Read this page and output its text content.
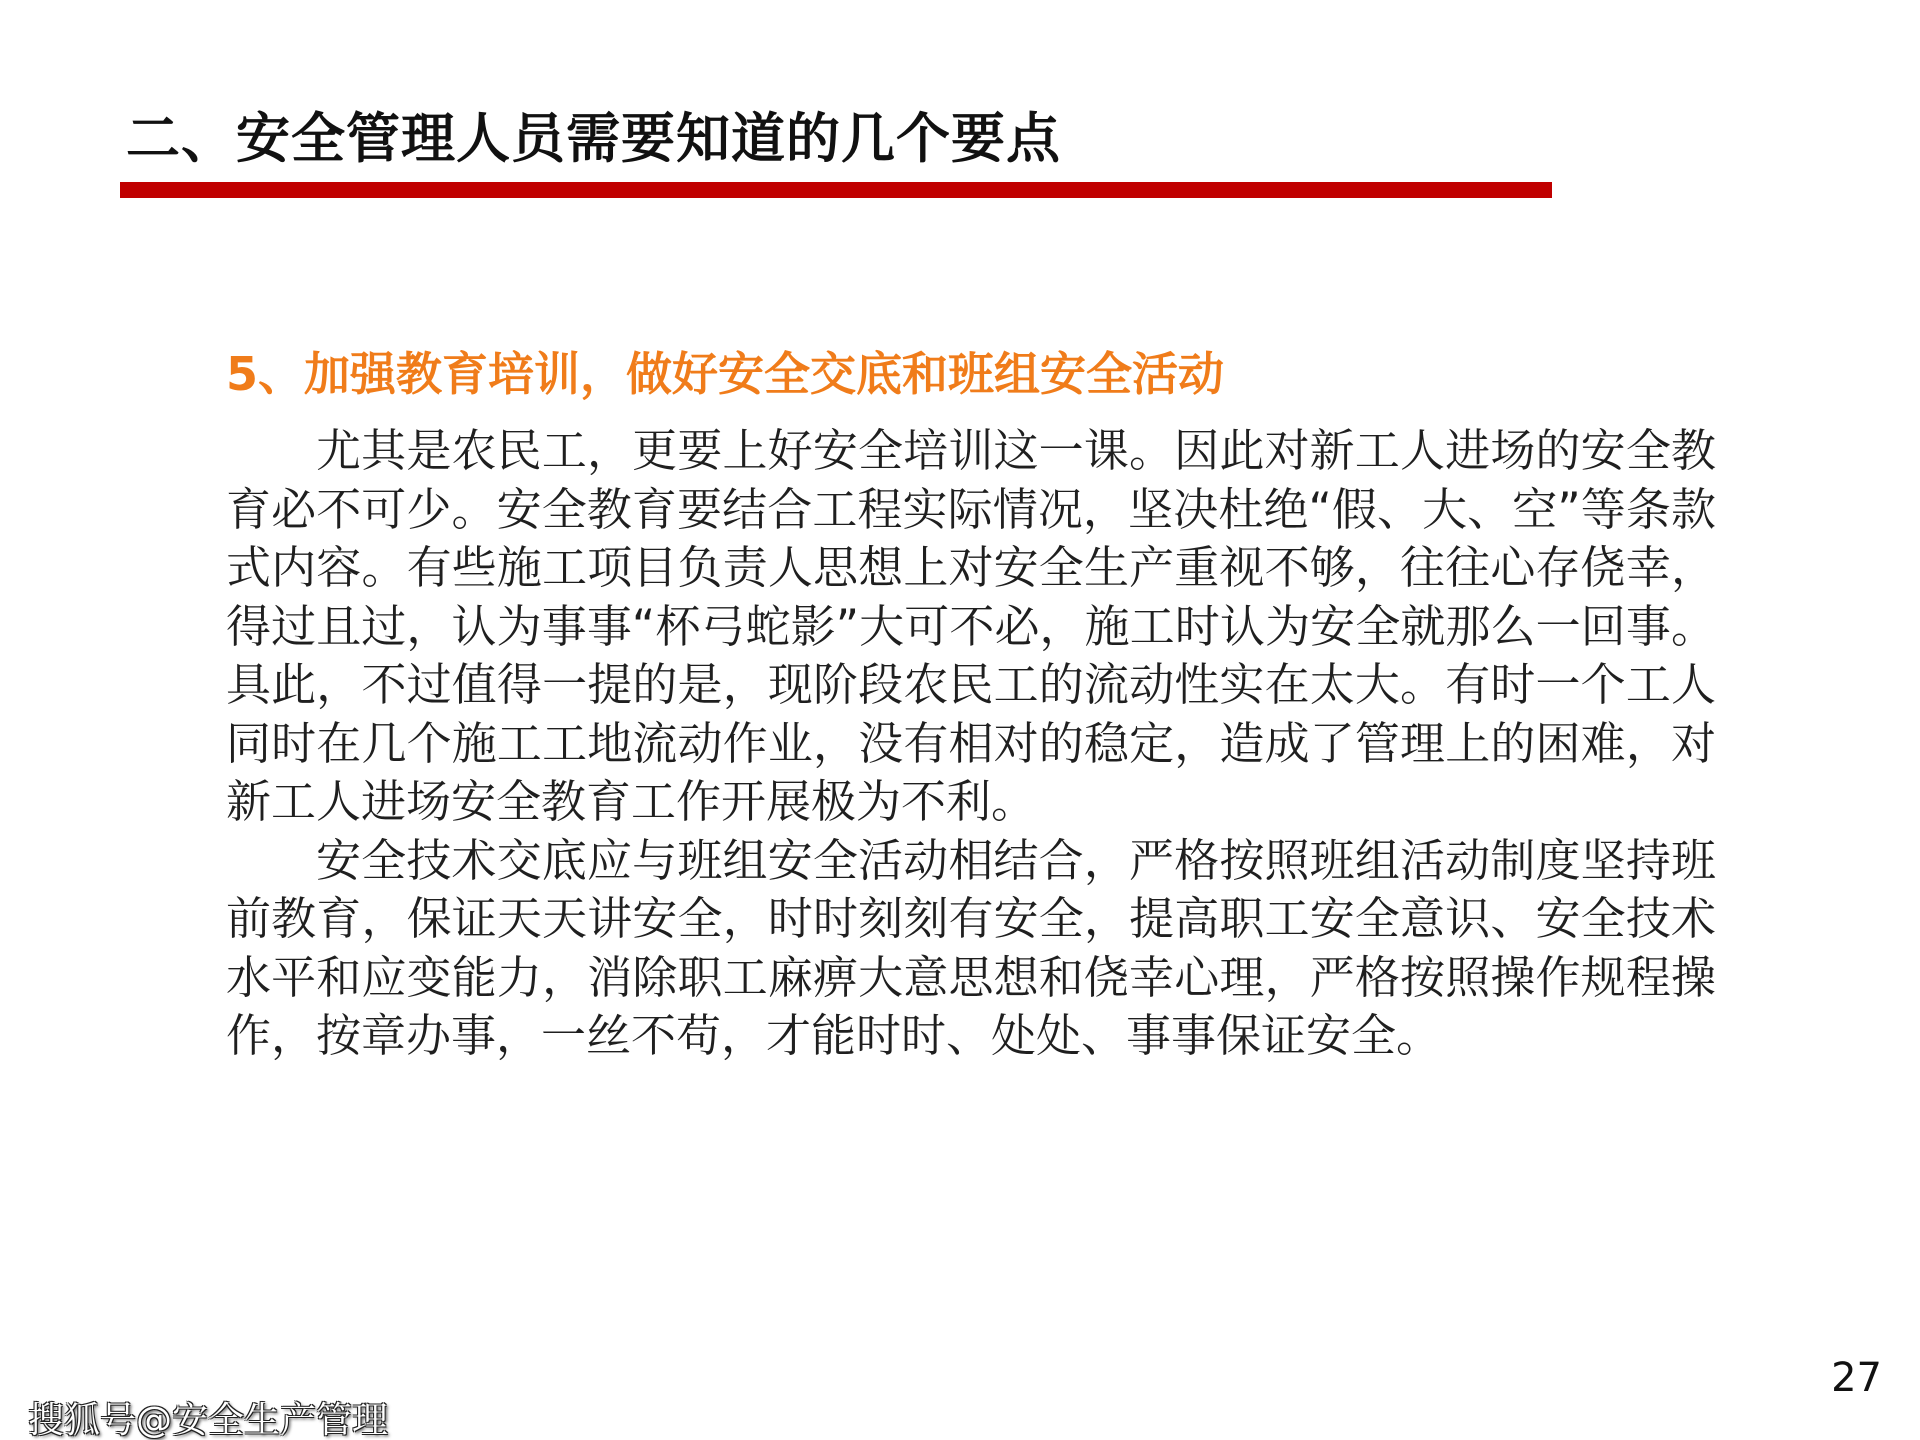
二、安全管理人员需要知道的几个要点
5、加强教育培训，做好安全交底和班组安全活动

尤其是农民工，更要上好安全培训这一课。因此对新工人进场的安全教育必不可少。安全教育要结合工程实际情况，坚决杜绝“假、大、空”等条款式内容。有些施工项目负责人思想上对安全生产重视不够，往往心存侥幸，得过且过，认为事事“杯弓蛇影”大可不必，施工时认为安全就那么一回事。具此，不过值得一提的是，现阶段农民工的流动性实在太大。有时一个工人同时在几个施工工地流动作业，没有相对的稳定，造成了管理上的困难，对新工人进场安全教育工作开展极为不利。

安全技术交底应与班组安全活动相结合，严格按照班组活动制度坚持班前教育，保证天天讲安全，时时刻刻有安全，提高职工安全意识、安全技术水平和应变能力，消除职工麻痹大意思想和侥幸心理，严格按照操作规程操作，按章办事，一丝不苟，才能时时、处处、事事保证安全。

27
搜狐号@安全生产管理
